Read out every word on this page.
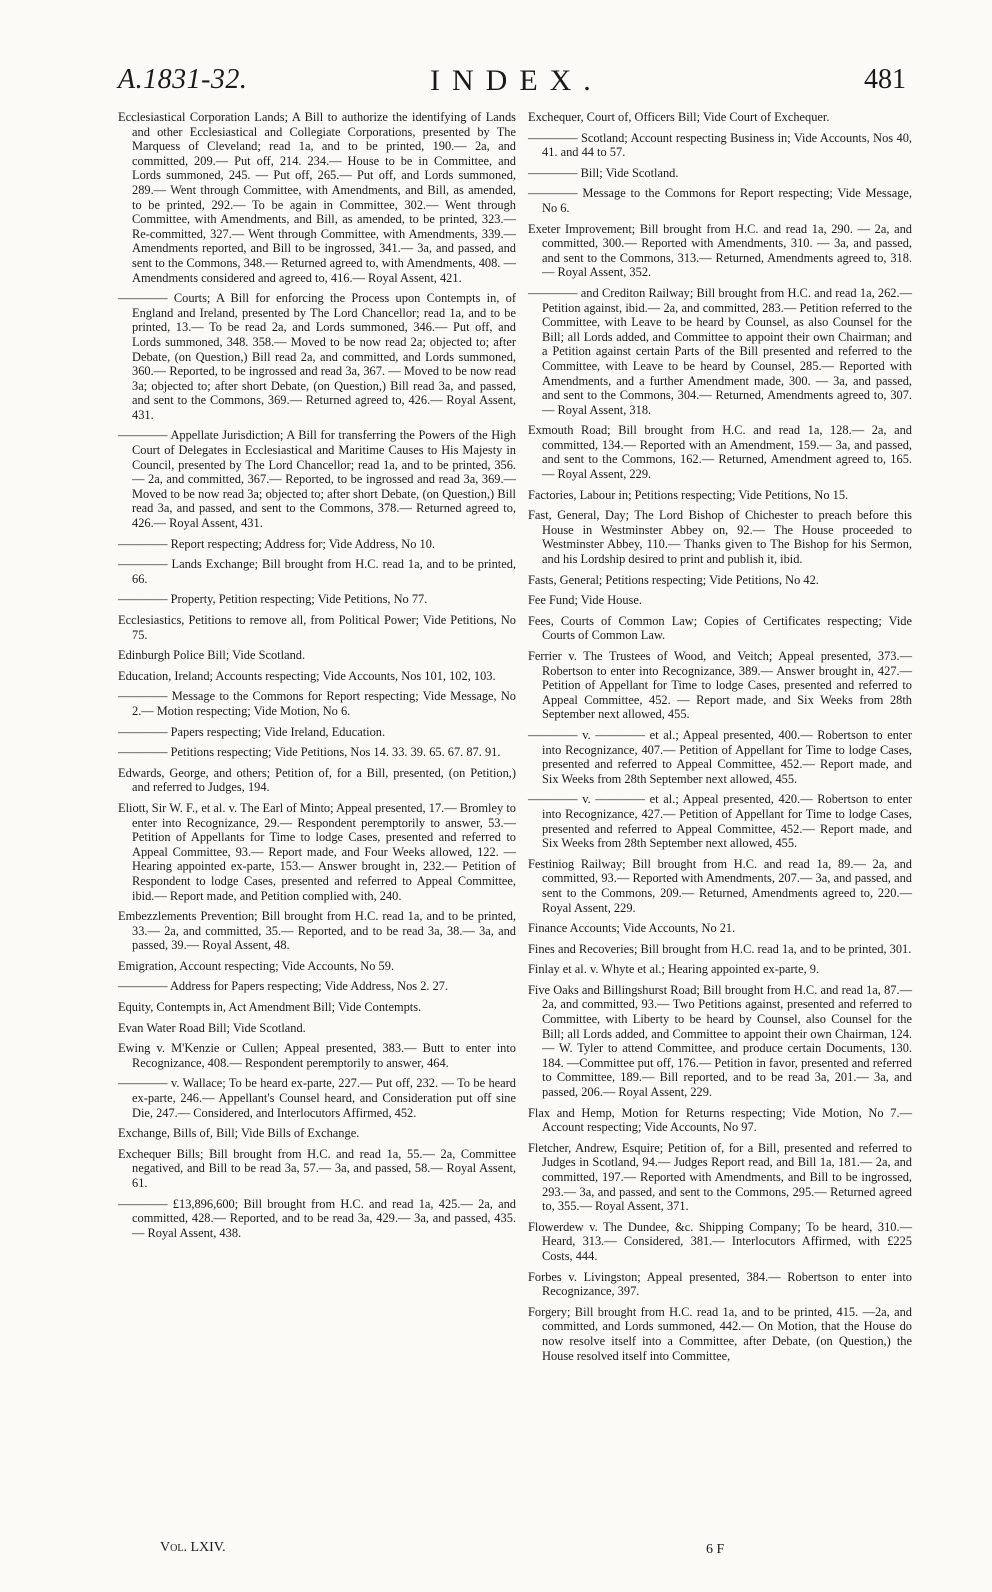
A.1831-32.	INDEX.	481

Ecclesiastical Corporation Lands; A Bill to authorize the identifying of Lands and other Ecclesiastical and Collegiate Corporations, presented by The Marquess of Cleveland; read 1a, and to be printed, 190.— 2a, and committed, 209.— Put off, 214. 234.— House to be in Committee, and Lords summoned, 245. — Put off, 265.— Put off, and Lords summoned, 289.— Went through Committee, with Amendments, and Bill, as amended, to be printed, 292.— To be again in Committee, 302.— Went through Committee, with Amendments, and Bill, as amended, to be printed, 323.— Re-committed, 327.— Went through Committee, with Amendments, 339.— Amendments reported, and Bill to be ingrossed, 341.— 3a, and passed, and sent to the Commons, 348.— Returned agreed to, with Amendments, 408. — Amendments considered and agreed to, 416.— Royal Assent, 421.

———— Courts; A Bill for enforcing the Process upon Contempts in, of England and Ireland, presented by The Lord Chancellor; read 1a, and to be printed, 13.— To be read 2a, and Lords summoned, 346.— Put off, and Lords summoned, 348. 358.— Moved to be now read 2a; objected to; after Debate, (on Question,) Bill read 2a, and committed, and Lords summoned, 360.— Reported, to be ingrossed and read 3a, 367. — Moved to be now read 3a; objected to; after short Debate, (on Question,) Bill read 3a, and passed, and sent to the Commons, 369.— Returned agreed to, 426.— Royal Assent, 431.

———— Appellate Jurisdiction; A Bill for transferring the Powers of the High Court of Delegates in Ecclesiastical and Maritime Causes to His Majesty in Council, presented by The Lord Chancellor; read 1a, and to be printed, 356.— 2a, and committed, 367.— Reported, to be ingrossed and read 3a, 369.— Moved to be now read 3a; objected to; after short Debate, (on Question,) Bill read 3a, and passed, and sent to the Commons, 378.— Returned agreed to, 426.— Royal Assent, 431.

———— Report respecting; Address for; Vide Address, No 10.

———— Lands Exchange; Bill brought from H.C. read 1a, and to be printed, 66.

———— Property, Petition respecting; Vide Petitions, No 77.

Ecclesiastics, Petitions to remove all, from Political Power; Vide Petitions, No 75.

Edinburgh Police Bill; Vide Scotland.

Education, Ireland; Accounts respecting; Vide Accounts, Nos 101, 102, 103.

———— Message to the Commons for Report respecting; Vide Message, No 2.— Motion respecting; Vide Motion, No 6.

———— Papers respecting; Vide Ireland, Education.

———— Petitions respecting; Vide Petitions, Nos 14. 33. 39. 65. 67. 87. 91.

Edwards, George, and others; Petition of, for a Bill, presented, (on Petition,) and referred to Judges, 194.

Eliott, Sir W. F., et al. v. The Earl of Minto; Appeal presented, 17.— Bromley to enter into Recognizance, 29.— Respondent peremptorily to answer, 53.— Petition of Appellants for Time to lodge Cases, presented and referred to Appeal Committee, 93.— Report made, and Four Weeks allowed, 122. —Hearing appointed ex-parte, 153.— Answer brought in, 232.— Petition of Respondent to lodge Cases, presented and referred to Appeal Committee, ibid.— Report made, and Petition complied with, 240.

Embezzlements Prevention; Bill brought from H.C. read 1a, and to be printed, 33.— 2a, and committed, 35.— Reported, and to be read 3a, 38.— 3a, and passed, 39.— Royal Assent, 48.

Emigration, Account respecting; Vide Accounts, No 59.

———— Address for Papers respecting; Vide Address, Nos 2. 27.

Equity, Contempts in, Act Amendment Bill; Vide Contempts.

Evan Water Road Bill; Vide Scotland.

Ewing v. M'Kenzie or Cullen; Appeal presented, 383.— Butt to enter into Recognizance, 408.— Respondent peremptorily to answer, 464.

———— v. Wallace; To be heard ex-parte, 227.— Put off, 232. — To be heard ex-parte, 246.— Appellant's Counsel heard, and Consideration put off sine Die, 247.— Considered, and Interlocutors Affirmed, 452.

Exchange, Bills of, Bill; Vide Bills of Exchange.

Exchequer Bills; Bill brought from H.C. and read 1a, 55.— 2a, Committee negatived, and Bill to be read 3a, 57.— 3a, and passed, 58.— Royal Assent, 61.

———— £13,896,600; Bill brought from H.C. and read 1a, 425.— 2a, and committed, 428.— Reported, and to be read 3a, 429.— 3a, and passed, 435.— Royal Assent, 438.

Exchequer, Court of, Officers Bill; Vide Court of Exchequer.

———— Scotland; Account respecting Business in; Vide Accounts, Nos 40, 41. and 44 to 57.

———— Bill; Vide Scotland.

———— Message to the Commons for Report respecting; Vide Message, No 6.

Exeter Improvement; Bill brought from H.C. and read 1a, 290. — 2a, and committed, 300.— Reported with Amendments, 310. — 3a, and passed, and sent to the Commons, 313.— Returned, Amendments agreed to, 318.— Royal Assent, 352.

———— and Crediton Railway; Bill brought from H.C. and read 1a, 262.— Petition against, ibid.— 2a, and committed, 283.— Petition referred to the Committee, with Leave to be heard by Counsel, as also Counsel for the Bill; all Lords added, and Committee to appoint their own Chairman; and a Petition against certain Parts of the Bill presented and referred to the Committee, with Leave to be heard by Counsel, 285.— Reported with Amendments, and a further Amendment made, 300. — 3a, and passed, and sent to the Commons, 304.— Returned, Amendments agreed to, 307.— Royal Assent, 318.

Exmouth Road; Bill brought from H.C. and read 1a, 128.— 2a, and committed, 134.— Reported with an Amendment, 159.— 3a, and passed, and sent to the Commons, 162.— Returned, Amendment agreed to, 165.— Royal Assent, 229.

Factories, Labour in; Petitions respecting; Vide Petitions, No 15.

Fast, General, Day; The Lord Bishop of Chichester to preach before this House in Westminster Abbey on, 92.— The House proceeded to Westminster Abbey, 110.— Thanks given to The Bishop for his Sermon, and his Lordship desired to print and publish it, ibid.

Fasts, General; Petitions respecting; Vide Petitions, No 42.

Fee Fund; Vide House.

Fees, Courts of Common Law; Copies of Certificates respecting; Vide Courts of Common Law.

Ferrier v. The Trustees of Wood, and Veitch; Appeal presented, 373.— Robertson to enter into Recognizance, 389.— Answer brought in, 427.— Petition of Appellant for Time to lodge Cases, presented and referred to Appeal Committee, 452. — Report made, and Six Weeks from 28th September next allowed, 455.

———— v. ———— et al.; Appeal presented, 400.— Robertson to enter into Recognizance, 407.— Petition of Appellant for Time to lodge Cases, presented and referred to Appeal Committee, 452.— Report made, and Six Weeks from 28th September next allowed, 455.

———— v. ———— et al.; Appeal presented, 420.— Robertson to enter into Recognizance, 427.— Petition of Appellant for Time to lodge Cases, presented and referred to Appeal Committee, 452.— Report made, and Six Weeks from 28th September next allowed, 455.

Festiniog Railway; Bill brought from H.C. and read 1a, 89.— 2a, and committed, 93.— Reported with Amendments, 207.— 3a, and passed, and sent to the Commons, 209.— Returned, Amendments agreed to, 220.— Royal Assent, 229.

Finance Accounts; Vide Accounts, No 21.

Fines and Recoveries; Bill brought from H.C. read 1a, and to be printed, 301.

Finlay et al. v. Whyte et al.; Hearing appointed ex-parte, 9.

Five Oaks and Billingshurst Road; Bill brought from H.C. and read 1a, 87.— 2a, and committed, 93.— Two Petitions against, presented and referred to Committee, with Liberty to be heard by Counsel, also Counsel for the Bill; all Lords added, and Committee to appoint their own Chairman, 124.— W. Tyler to attend Committee, and produce certain Documents, 130. 184. —Committee put off, 176.— Petition in favor, presented and referred to Committee, 189.— Bill reported, and to be read 3a, 201.— 3a, and passed, 206.— Royal Assent, 229.

Flax and Hemp, Motion for Returns respecting; Vide Motion, No 7.— Account respecting; Vide Accounts, No 97.

Fletcher, Andrew, Esquire; Petition of, for a Bill, presented and referred to Judges in Scotland, 94.— Judges Report read, and Bill 1a, 181.— 2a, and committed, 197.— Reported with Amendments, and Bill to be ingrossed, 293.— 3a, and passed, and sent to the Commons, 295.— Returned agreed to, 355.— Royal Assent, 371.

Flowerdew v. The Dundee, &c. Shipping Company; To be heard, 310.— Heard, 313.— Considered, 381.— Interlocutors Affirmed, with £225 Costs, 444.

Forbes v. Livingston; Appeal presented, 384.— Robertson to enter into Recognizance, 397.

Forgery; Bill brought from H.C. read 1a, and to be printed, 415. —2a, and committed, and Lords summoned, 442.— On Motion, that the House do now resolve itself into a Committee, after Debate, (on Question,) the House resolved itself into Committee,

Vol. LXIV.	6 F
